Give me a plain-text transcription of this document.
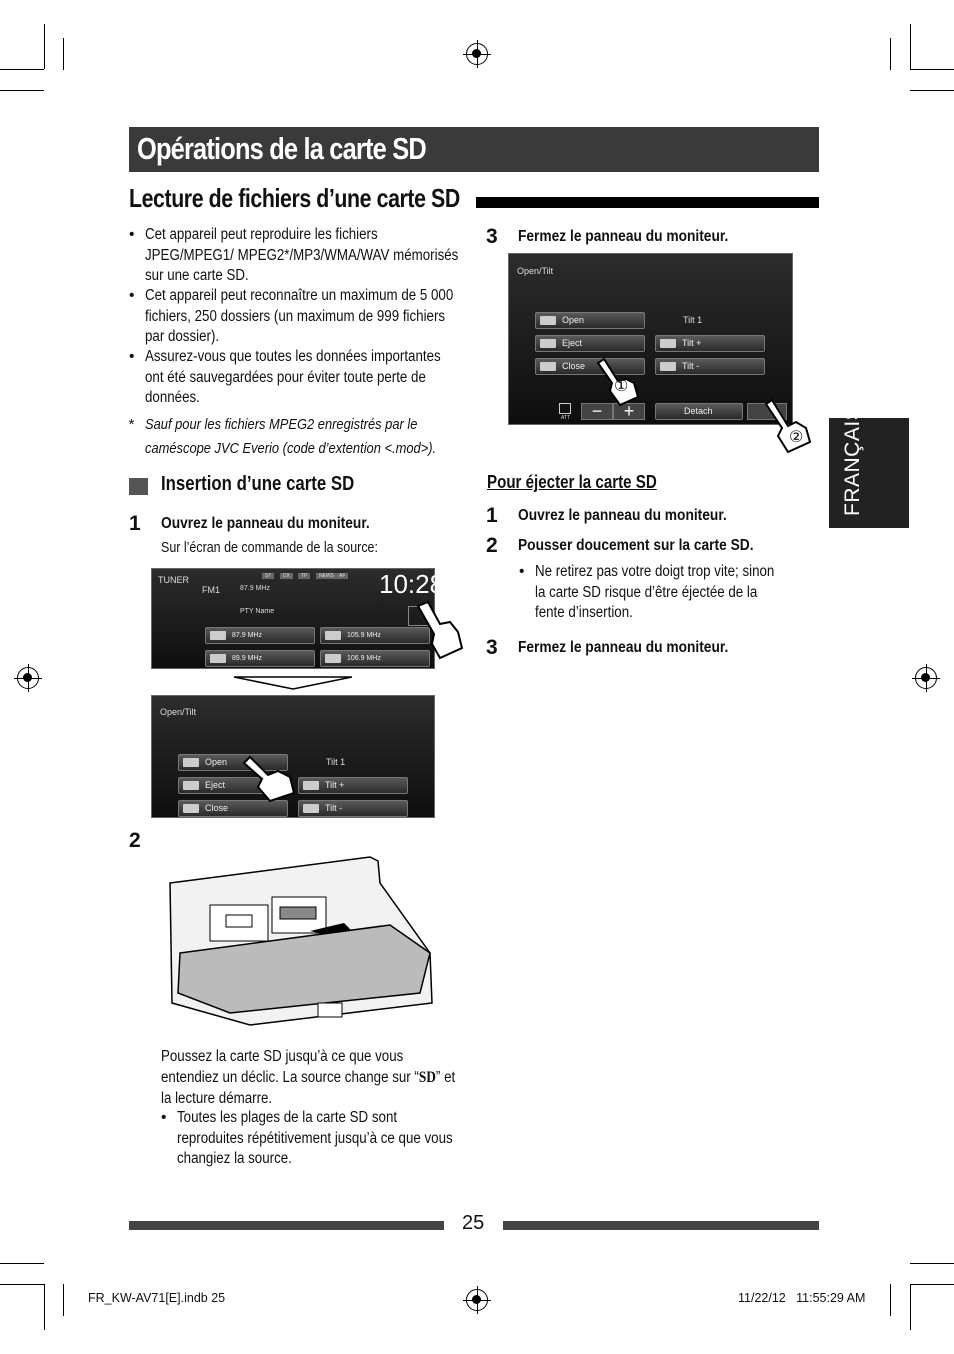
Opérations de la carte SD
Lecture de fichiers d’une carte SD
• Cet appareil peut reproduire les fichiers JPEG/MPEG1/ MPEG2*/MP3/WMA/WAV mémorisés sur une carte SD.
• Cet appareil peut reconnaître un maximum de 5 000 fichiers, 250 dossiers (un maximum de 999 fichiers par dossier).
• Assurez-vous que toutes les données importantes ont été sauvegardées pour éviter toute perte de données.
* Sauf pour les fichiers MPEG2 enregistrés par le caméscope JVC Everio (code d’extention <.mod>).
Insertion d’une carte SD
1 Ouvrez le panneau du moniteur.
Sur l’écran de commande de la source:
TUNER
FM1	87.9 MHz
PTY Name
10:28
ST	DX	TP	NEWS	AF
87.9 MHz	105.9 MHz
89.9 MHz	106.9 MHz
Open/Tilt
Open
Eject
Close
Tilt 1
Tilt +
Tilt -
2
Poussez la carte SD jusqu’à ce que vous entendiez un déclic. La source change sur “SD” et la lecture démarre.
• Toutes les plages de la carte SD sont reproduites répétitivement jusqu’à ce que vous changiez la source.
3 Fermez le panneau du moniteur.
Open/Tilt
Open
Eject
Close
Tilt 1
Tilt +
Tilt -
ATT	−	+	Detach
①
②
Pour éjecter la carte SD
1 Ouvrez le panneau du moniteur.
2 Pousser doucement sur la carte SD.
• Ne retirez pas votre doigt trop vite; sinon la carte SD risque d’être éjectée de la fente d’insertion.
3 Fermez le panneau du moniteur.
FRANÇAIS
25
FR_KW-AV71[E].indb 25	11/22/12   11:55:29 AM
